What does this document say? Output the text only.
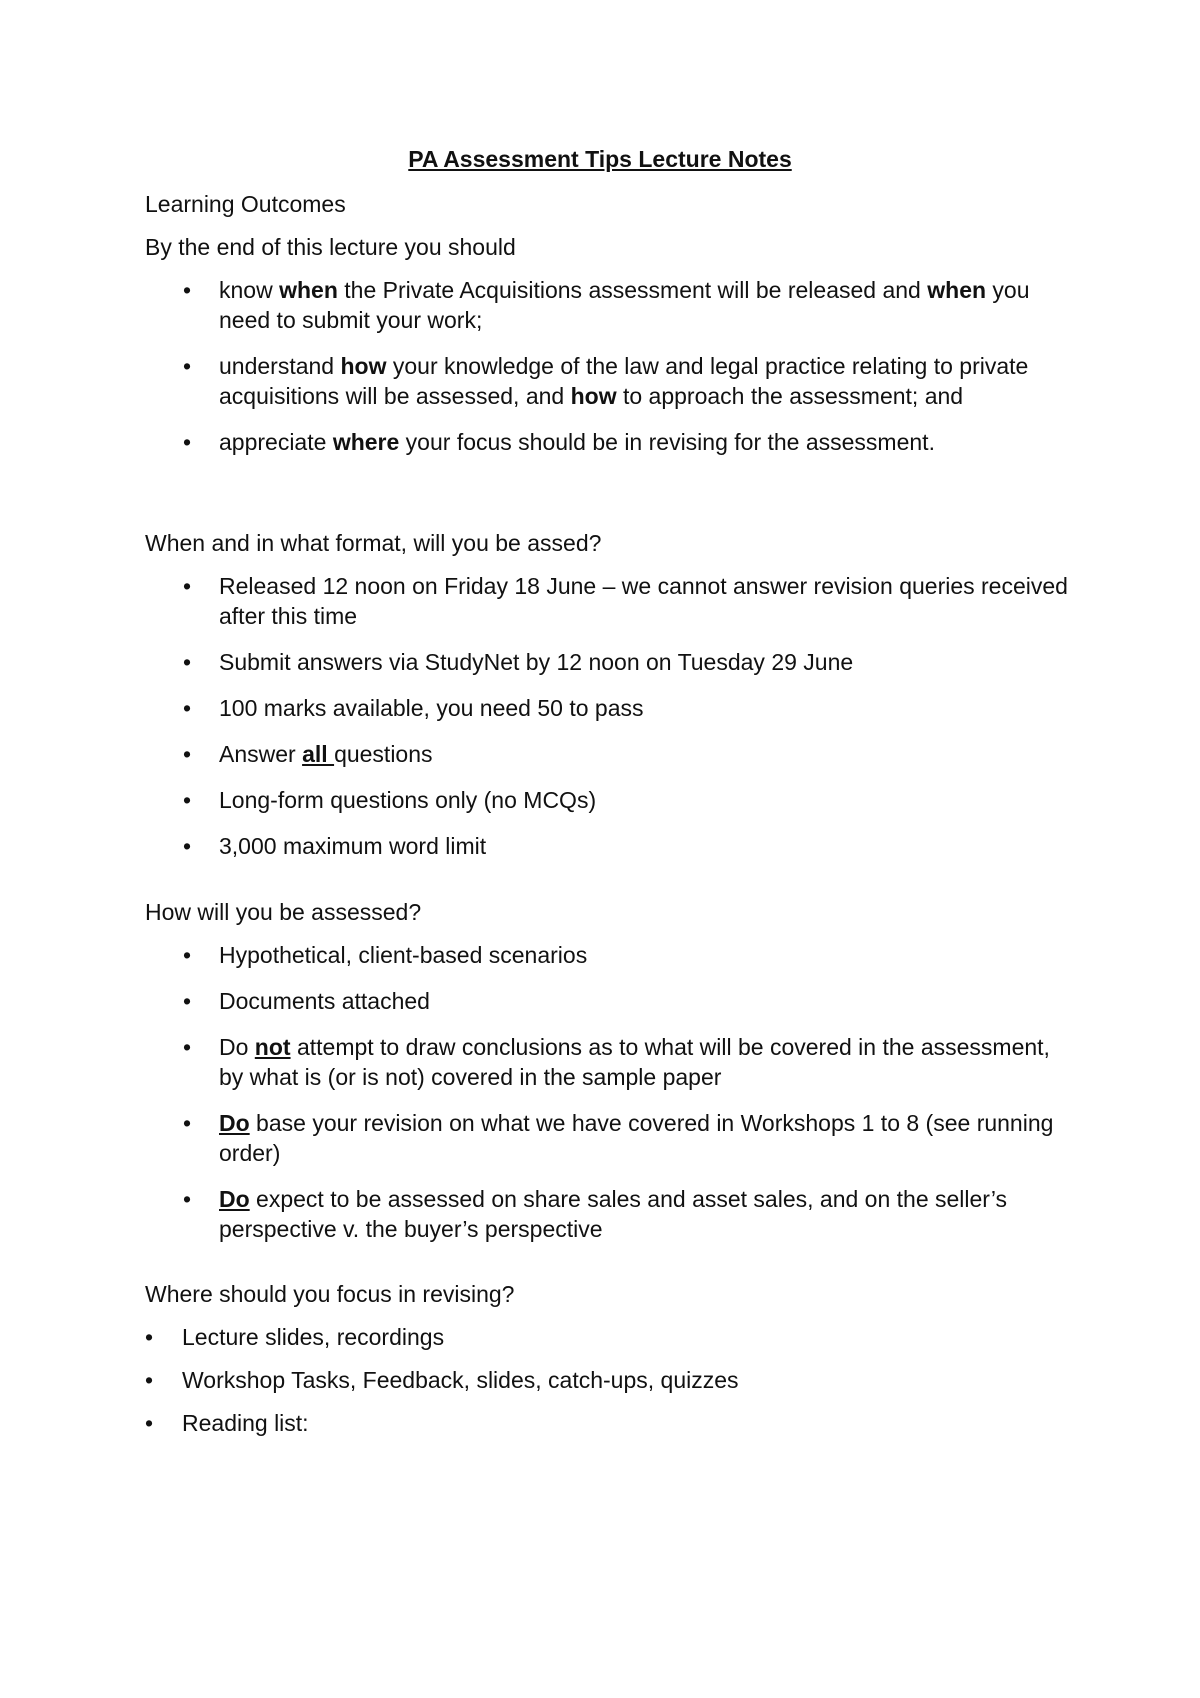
PA Assessment Tips Lecture Notes
Learning Outcomes
By the end of this lecture you should
• know when the Private Acquisitions assessment will be released and when you need to submit your work;
• understand how your knowledge of the law and legal practice relating to private acquisitions will be assessed, and how to approach the assessment; and
• appreciate where your focus should be in revising for the assessment.
When and in what format, will you be assed?
• Released 12 noon on Friday 18 June – we cannot answer revision queries received after this time
• Submit answers via StudyNet by 12 noon on Tuesday 29 June
• 100 marks available, you need 50 to pass
• Answer all questions
• Long-form questions only (no MCQs)
• 3,000 maximum word limit
How will you be assessed?
• Hypothetical, client-based scenarios
• Documents attached
• Do not attempt to draw conclusions as to what will be covered in the assessment, by what is (or is not) covered in the sample paper
• Do base your revision on what we have covered in Workshops 1 to 8 (see running order)
• Do expect to be assessed on share sales and asset sales, and on the seller’s perspective v. the buyer’s perspective
Where should you focus in revising?
• Lecture slides, recordings
• Workshop Tasks, Feedback, slides, catch-ups, quizzes
• Reading list:
